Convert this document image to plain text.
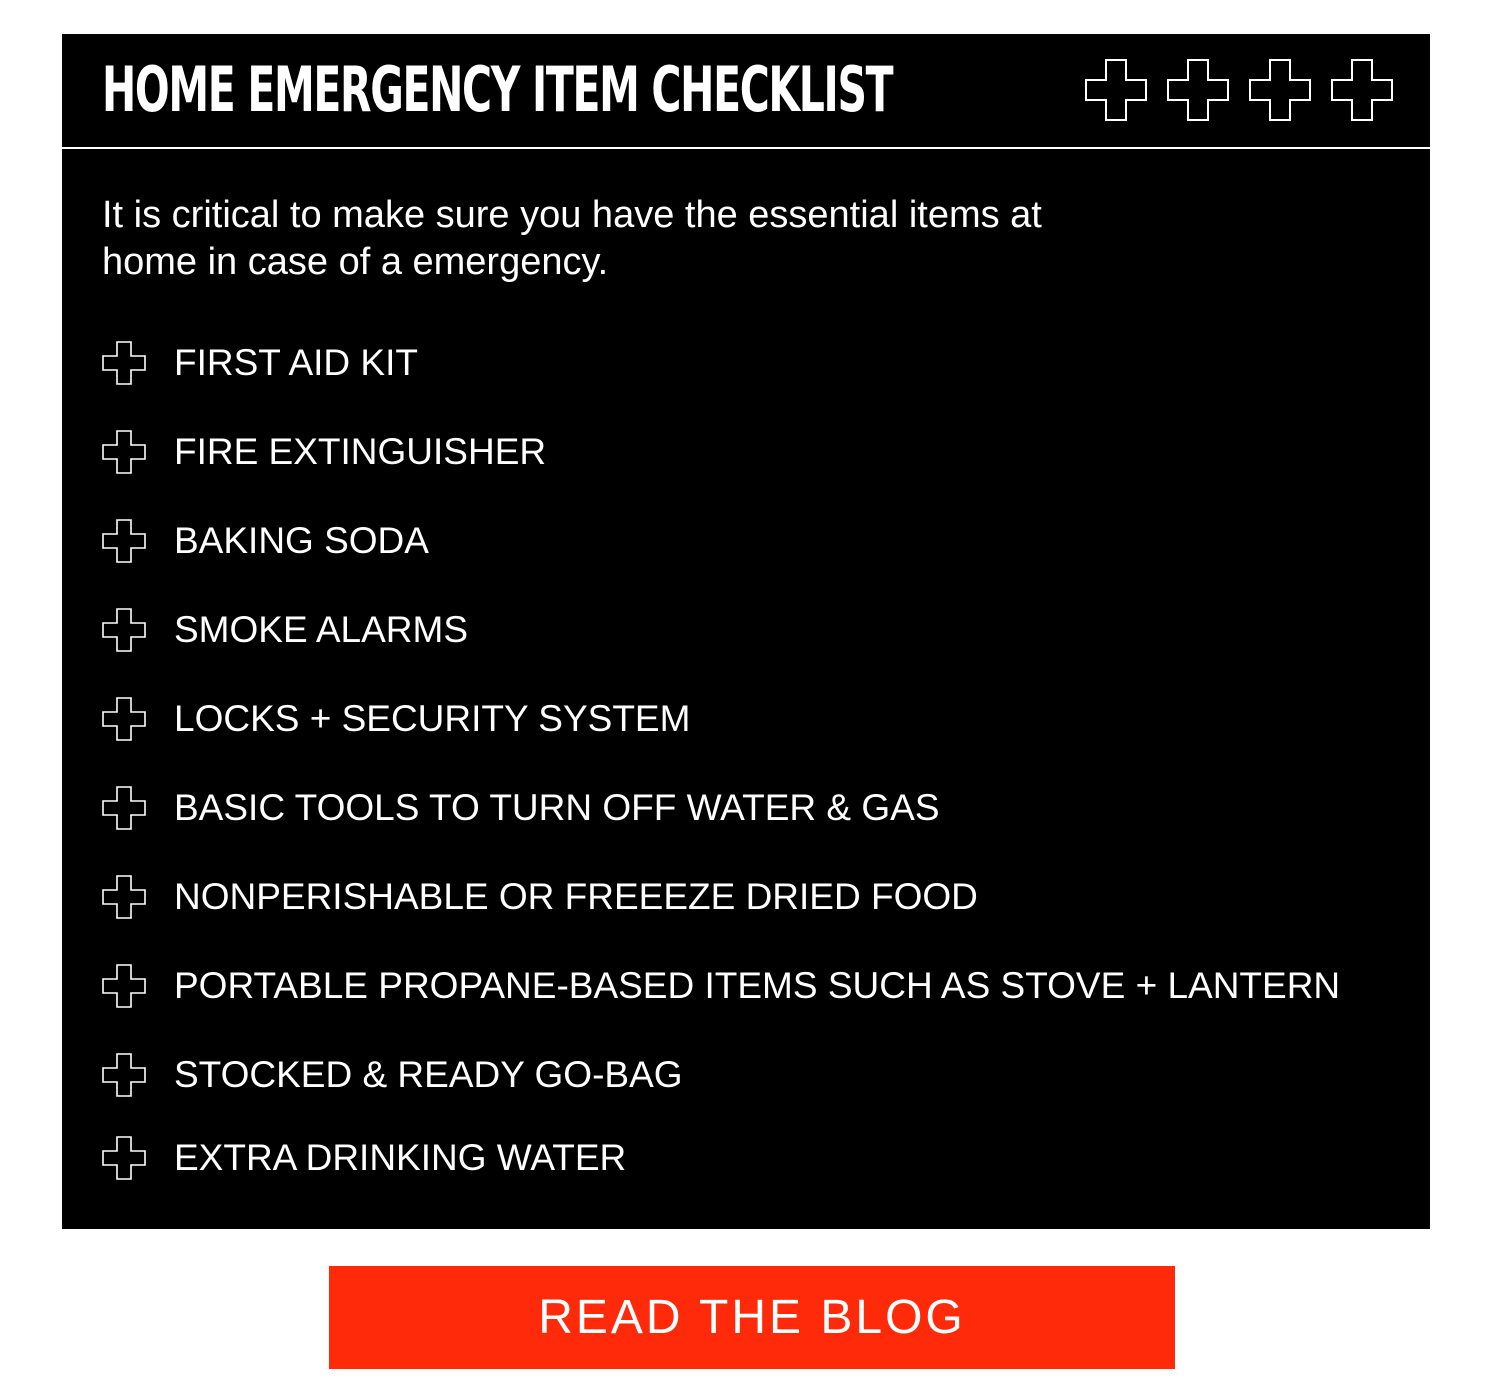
HOME EMERGENCY ITEM CHECKLIST

It is critical to make sure you have the essential items at home in case of a emergency.

FIRST AID KIT
FIRE EXTINGUISHER
BAKING SODA
SMOKE ALARMS
LOCKS + SECURITY SYSTEM
BASIC TOOLS TO TURN OFF WATER & GAS
NONPERISHABLE OR FREEEZE DRIED FOOD
PORTABLE PROPANE-BASED ITEMS SUCH AS STOVE + LANTERN
STOCKED & READY GO-BAG
EXTRA DRINKING WATER
READ THE BLOG
